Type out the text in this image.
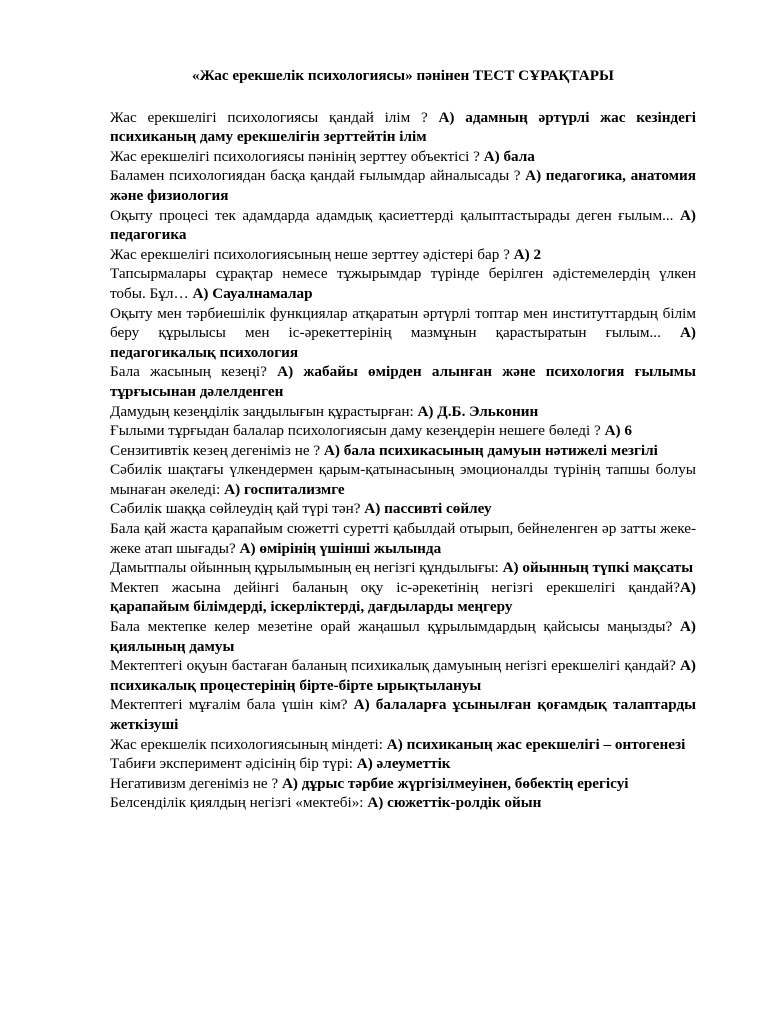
«Жас ерекшелік психологиясы» пәнінен ТЕСТ СҰРАҚТАРЫ

Жас ерекшелігі психологиясы қандай ілім ? А) адамның әртүрлі жас кезіндегі психиканың даму ерекшелігін зерттейтін ілім

Жас ерекшелігі психологиясы пәнінің зерттеу объектісі ? А) бала

Баламен психологиядан басқа қандай ғылымдар айналысады ? А) педагогика, анатомия және физиология

Оқыту процесі тек адамдарда адамдық қасиеттерді қалыптастырады деген ғылым... А) педагогика

Жас ерекшелігі психологиясының неше зерттеу әдістері бар ? А) 2

Тапсырмалары сұрақтар немесе тұжырымдар түрінде берілген әдістемелердің үлкен тобы. Бұл… А) Сауалнамалар

Оқыту мен тәрбиешілік функциялар атқаратын әртүрлі топтар мен институттардың білім беру құрылысы мен іс-әрекеттерінің мазмұнын қарастыратын ғылым... А) педагогикалық психология

Бала жасының кезеңі? А) жабайы өмірден алынған және психология ғылымы тұрғысынан дәлелденген

Дамудың кезеңділік заңдылығын құрастырған: А) Д.Б. Эльконин

Ғылыми тұрғыдан балалар психологиясын даму кезеңдерін нешеге бөледі ? А) 6

Сензитивтік кезең дегеніміз не ? А) бала психикасының дамуын нәтижелі мезгілі

Сәбилік шақтағы үлкендермен қарым-қатынасының эмоционалды түрінің тапшы болуы мынаған әкеледі: А) госпитализмге

Сәбилік шаққа сөйлеудің қай түрі тән? А) пассивті сөйлеу

Бала қай жаста қарапайым сюжетті суретті қабылдай отырып, бейнеленген әр затты жеке-жеке атап шығады? А) өмірінің үшінші жылында

Дамытпалы ойынның құрылымының ең негізгі құндылығы: А) ойынның түпкі мақсаты

Мектеп жасына дейінгі баланың оқу іс-әрекетінің негізгі ерекшелігі қандай?А) қарапайым білімдерді, іскерліктерді, дағдыларды меңгеру

Бала мектепке келер мезетіне орай жаңашыл құрылымдардың қайсысы маңызды? А) қиялының дамуы

Мектептегі оқуын бастаған баланың психикалық дамуының негізгі ерекшелігі қандай? А) психикалық процестерінің бірте-бірте ырықтылануы

Мектептегі мұғалім бала үшін кім? А) балаларға ұсынылған қоғамдық талаптарды жеткізуші

Жас ерекшелік психологиясының міндеті: А) психиканың жас ерекшелігі – онтогенезі

Табиғи эксперимент әдісінің бір түрі: А) әлеуметтік

Негативизм дегеніміз не ? А) дұрыс тәрбие жүргізілмеуінен, бөбектің ерегісуі

Белсенділік қиялдың негізгі «мектебі»: А) сюжеттік-ролдік ойын
